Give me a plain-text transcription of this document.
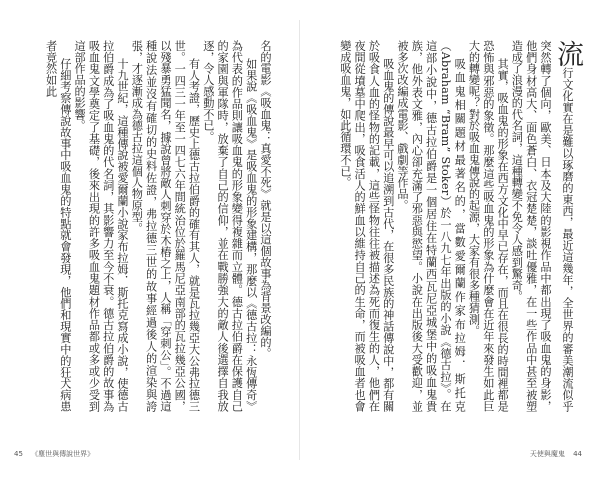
名的電影《吸血鬼：真愛不死》就是以這個故事為背景改編的。

如果說《吸血鬼》是吸血鬼的形象建構，那麼以《德古拉：永恆傳奇》為代表的作品則讓吸血鬼的形象變得複雜而立體。德古拉伯爵在保護自己的家園與軍隊時，放棄了自己的信仰，並在戰勝強大的敵人後選擇自我放逐，令人感動不已。

有人考證，歷史上德古拉伯爵的確有其人，就是瓦拉幾亞大公弗拉德三世。一四三一年至一四七六年間統治位於羅馬尼亞南部的瓦拉幾亞公國，以殘暴勇猛聞名，據說曾將敵人刺穿於木樁之上，人稱「穿刺公」。不過這種說法並沒有確切的史料佐證，弗拉德三世的故事經過後人的渲染與誇張，才逐漸成為德古拉這個人物原型。

十九世紀，這種傳說被愛爾蘭小說家布拉姆．斯托克寫成小說，使德古拉伯爵成為了吸血鬼的代名詞，其影響力至今不衰。德古拉伯爵的故事為吸血鬼文學奠定了基礎，後來出現的許多吸血鬼題材作品都或多或少受到這部作品的影響。

仔細考察傳說故事中吸血鬼的特點就會發現，他們和現實中的狂犬病患者竟然如此

45 《塵世與傳說世界》

流行文化實在是難以琢磨的東西，最近這幾年，全世界的審美潮流似乎突然轉了個向，歐美、日本及大陸的影視作品中都出現了吸血鬼的身影，他們身材高大、面色蒼白、衣冠楚楚，談吐優雅，在一些作品中甚至被塑造成了浪漫的代名詞，這種轉變不免令人感到驚奇。

其實，吸血鬼的形象在西方文化中早已存在，而且在很長的時間裡都是恐怖與邪惡的象徵。那麼這些吸血鬼的形象為什麼會在近年來發生如此巨大的轉變呢？對於吸血鬼傳說的起源，大家有很多種猜測。

吸血鬼相關題材最著名的，當數愛爾蘭作家布拉姆．斯托克（Abraham “Bram” Stoker）於一八九七年出版的小說《德古拉》。在這部小說中，德古拉伯爵是一個居住在特蘭西瓦尼亞城堡中的吸血鬼貴族，他外表文雅，內心卻充滿了邪惡與慾望。小說在出版後大受歡迎，並被多次改編成電影、戲劇等作品。

吸血鬼的傳說最早可以追溯到古代，在很多民族的神話傳說中，都有關於吸食人血的怪物的記載，這些怪物往往被描述為死而復生的人，他們在夜間從墳墓中爬出，吸食活人的鮮血以維持自己的生命，而被吸血者也會變成吸血鬼，如此循環不已。

天使與魔鬼 44
